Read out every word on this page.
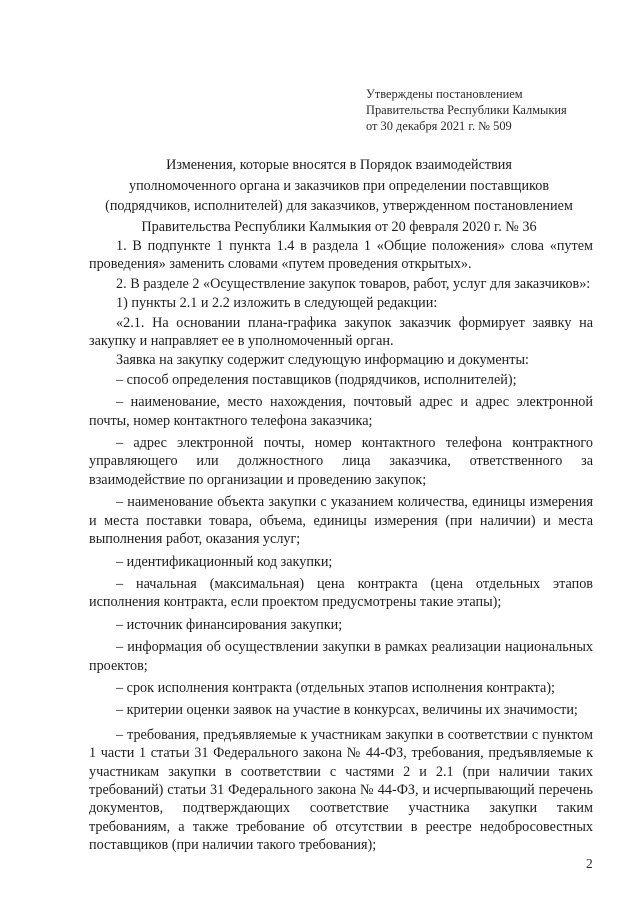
Утверждены постановлением
Правительства Республики Калмыкия
от 30 декабря 2021 г. № 509
Изменения, которые вносятся в Порядок взаимодействия
уполномоченного органа и заказчиков при определении поставщиков
(подрядчиков, исполнителей) для заказчиков, утвержденном постановлением
Правительства Республики Калмыкия от 20 февраля 2020 г. № 36

1. В подпункте 1 пункта 1.4 в раздела 1 «Общие положения» слова «путем проведения» заменить словами «путем проведения открытых».

2. В разделе 2 «Осуществление закупок товаров, работ, услуг для заказчиков»:

1) пункты 2.1 и 2.2 изложить в следующей редакции:

«2.1. На основании плана-графика закупок заказчик формирует заявку на закупку и направляет ее в уполномоченный орган.

Заявка на закупку содержит следующую информацию и документы:

– способ определения поставщиков (подрядчиков, исполнителей);

– наименование, место нахождения, почтовый адрес и адрес электронной почты, номер контактного телефона заказчика;

– адрес электронной почты, номер контактного телефона контрактного управляющего или должностного лица заказчика, ответственного за взаимодействие по организации и проведению закупок;

– наименование объекта закупки с указанием количества, единицы измерения и места поставки товара, объема, единицы измерения (при наличии) и места выполнения работ, оказания услуг;

– идентификационный код закупки;

– начальная (максимальная) цена контракта (цена отдельных этапов исполнения контракта, если проектом предусмотрены такие этапы);

– источник финансирования закупки;

– информация об осуществлении закупки в рамках реализации национальных проектов;

– срок исполнения контракта (отдельных этапов исполнения контракта);

– критерии оценки заявок на участие в конкурсах, величины их значимости;

– требования, предъявляемые к участникам закупки в соответствии с пунктом 1 части 1 статьи 31 Федерального закона № 44-ФЗ, требования, предъявляемые к участникам закупки в соответствии с частями 2 и 2.1 (при наличии таких требований) статьи 31 Федерального закона № 44-ФЗ, и исчерпывающий перечень документов, подтверждающих соответствие участника закупки таким требованиям, а также требование об отсутствии в реестре недобросовестных поставщиков (при наличии такого требования);

2
